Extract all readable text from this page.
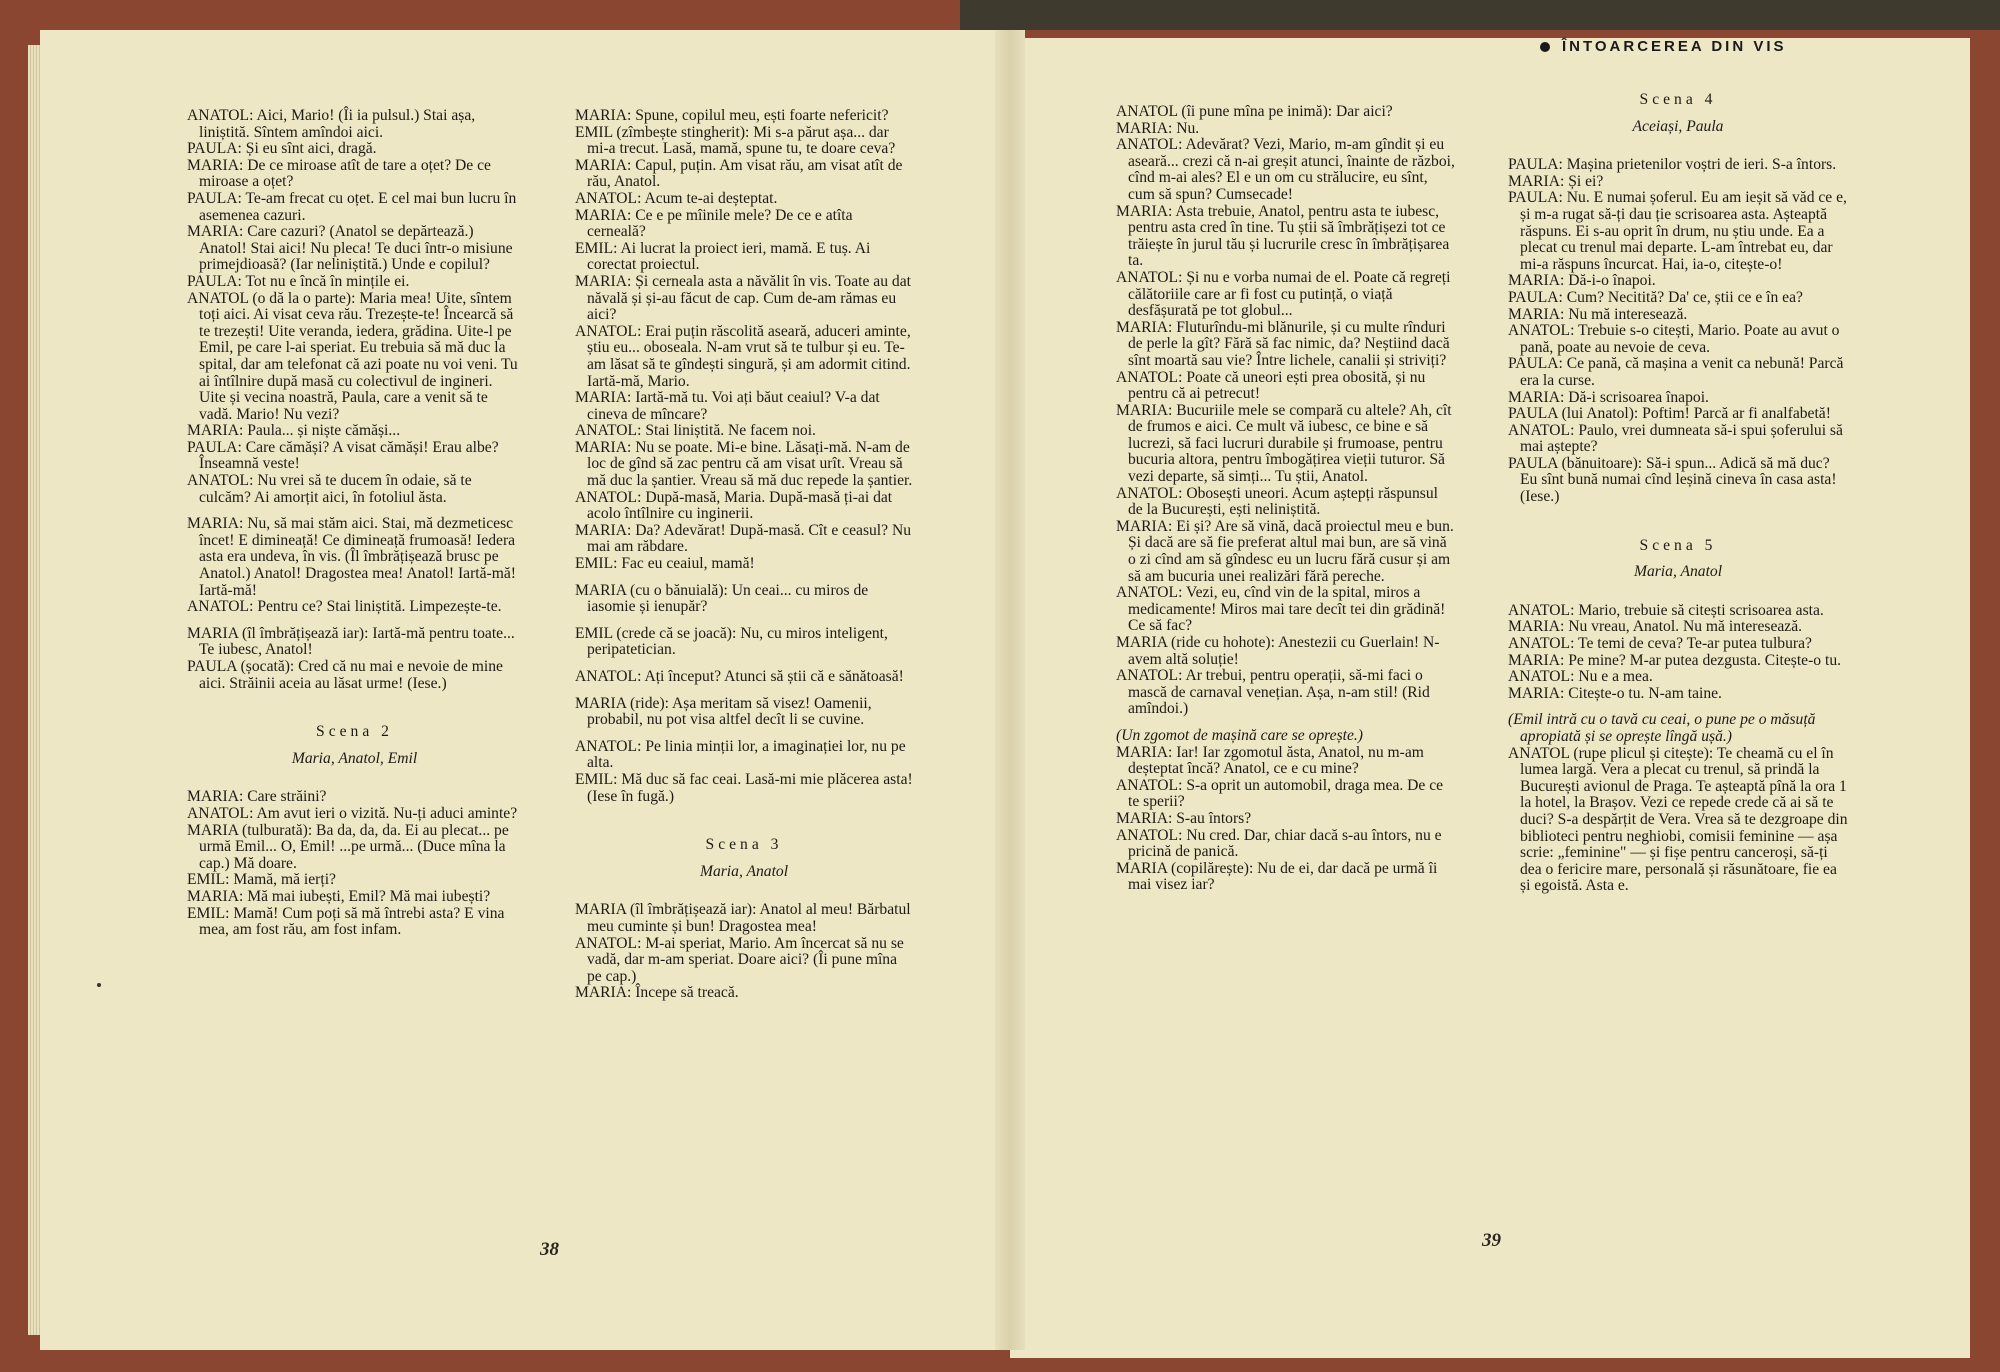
ÎNTOARCEREA DIN VIS

ANATOL: Aici, Mario! (Îi ia pulsul.) Stai așa, liniștită. Sîntem amîndoi aici.

PAULA: Și eu sînt aici, dragă.

MARIA: De ce miroase atît de tare a oțet? De ce miroase a oțet?

PAULA: Te-am frecat cu oțet. E cel mai bun lucru în asemenea cazuri.

MARIA: Care cazuri? (Anatol se depărtează.) Anatol! Stai aici! Nu pleca! Te duci într-o misiune primejdioasă? (Iar neliniștită.) Unde e copilul?

PAULA: Tot nu e încă în mințile ei.

ANATOL (o dă la o parte): Maria mea! Uite, sîntem toți aici. Ai visat ceva rău. Trezește-te! Încearcă să te trezești! Uite veranda, iedera, grădina. Uite-l pe Emil, pe care l-ai speriat. Eu trebuia să mă duc la spital, dar am telefonat că azi poate nu voi veni. Tu ai întîlnire după masă cu colectivul de ingineri. Uite și vecina noastră, Paula, care a venit să te vadă. Mario! Nu vezi?

MARIA: Paula... și niște cămăși...

PAULA: Care cămăși? A visat cămăși! Erau albe? Înseamnă veste!

ANATOL: Nu vrei să te ducem în odaie, să te culcăm? Ai amorțit aici, în fotoliul ăsta.

MARIA: Nu, să mai stăm aici. Stai, mă dezmeticesc încet! E dimineață! Ce dimineață frumoasă! Iedera asta era undeva, în vis. (Îl îmbrățișează brusc pe Anatol.) Anatol! Dragostea mea! Anatol! Iartă-mă! Iartă-mă!

ANATOL: Pentru ce? Stai liniștită. Limpezește-te.

MARIA (îl îmbrățișează iar): Iartă-mă pentru toate... Te iubesc, Anatol!

PAULA (șocată): Cred că nu mai e nevoie de mine aici. Străinii aceia au lăsat urme! (Iese.)

Scena 2

Maria, Anatol, Emil

MARIA: Care străini?

ANATOL: Am avut ieri o vizită. Nu-ți aduci aminte?

MARIA (tulburată): Ba da, da, da. Ei au plecat... pe urmă Emil... O, Emil! ...pe urmă... (Duce mîna la cap.) Mă doare.

EMIL: Mamă, mă ierți?

MARIA: Mă mai iubești, Emil? Mă mai iubești?

EMIL: Mamă! Cum poți să mă întrebi asta? E vina mea, am fost rău, am fost infam.

MARIA: Spune, copilul meu, ești foarte nefericit?

EMIL (zîmbește stingherit): Mi s-a părut așa... dar mi-a trecut. Lasă, mamă, spune tu, te doare ceva?

MARIA: Capul, puțin. Am visat rău, am visat atît de rău, Anatol.

ANATOL: Acum te-ai deșteptat.

MARIA: Ce e pe mîinile mele? De ce e atîta cerneală?

EMIL: Ai lucrat la proiect ieri, mamă. E tuș. Ai corectat proiectul.

MARIA: Și cerneala asta a năvălit în vis. Toate au dat năvală și și-au făcut de cap. Cum de-am rămas eu aici?

ANATOL: Erai puțin răscolită aseară, aduceri aminte, știu eu... oboseala. N-am vrut să te tulbur și eu. Te-am lăsat să te gîndești singură, și am adormit citind. Iartă-mă, Mario.

MARIA: Iartă-mă tu. Voi ați băut ceaiul? V-a dat cineva de mîncare?

ANATOL: Stai liniștită. Ne facem noi.

MARIA: Nu se poate. Mi-e bine. Lăsați-mă. N-am de loc de gînd să zac pentru că am visat urît. Vreau să mă duc la șantier. Vreau să mă duc repede la șantier.

ANATOL: După-masă, Maria. După-masă ți-ai dat acolo întîlnire cu inginerii.

MARIA: Da? Adevărat! După-masă. Cît e ceasul? Nu mai am răbdare.

EMIL: Fac eu ceaiul, mamă!

MARIA (cu o bănuială): Un ceai... cu miros de iasomie și ienupăr?

EMIL (crede că se joacă): Nu, cu miros inteligent, peripatetician.

ANATOL: Ați început? Atunci să știi că e sănătoasă!

MARIA (ride): Așa meritam să visez! Oamenii, probabil, nu pot visa altfel decît li se cuvine.

ANATOL: Pe linia minții lor, a imaginației lor, nu pe alta.

EMIL: Mă duc să fac ceai. Lasă-mi mie plăcerea asta! (Iese în fugă.)

Scena 3

Maria, Anatol

MARIA (îl îmbrățișează iar): Anatol al meu! Bărbatul meu cuminte și bun! Dragostea mea!

ANATOL: M-ai speriat, Mario. Am încercat să nu se vadă, dar m-am speriat. Doare aici? (Îi pune mîna pe cap.)

MARIA: Începe să treacă.

ANATOL (îi pune mîna pe inimă): Dar aici?

MARIA: Nu.

ANATOL: Adevărat? Vezi, Mario, m-am gîndit și eu aseară... crezi că n-ai greșit atunci, înainte de război, cînd m-ai ales? El e un om cu strălucire, eu sînt, cum să spun? Cumsecade!

MARIA: Asta trebuie, Anatol, pentru asta te iubesc, pentru asta cred în tine. Tu știi să îmbrățișezi tot ce trăiește în jurul tău și lucrurile cresc în îmbrățișarea ta.

ANATOL: Și nu e vorba numai de el. Poate că regreți călătoriile care ar fi fost cu putință, o viață desfășurată pe tot globul...

MARIA: Fluturîndu-mi blănurile, și cu multe rînduri de perle la gît? Fără să fac nimic, da? Neștiind dacă sînt moartă sau vie? Între lichele, canalii și striviți?

ANATOL: Poate că uneori ești prea obosită, și nu pentru că ai petrecut!

MARIA: Bucuriile mele se compară cu altele? Ah, cît de frumos e aici. Ce mult vă iubesc, ce bine e să lucrezi, să faci lucruri durabile și frumoase, pentru bucuria altora, pentru îmbogățirea vieții tuturor. Să vezi departe, să simți... Tu știi, Anatol.

ANATOL: Obosești uneori. Acum aștepți răspunsul de la București, ești neliniștită.

MARIA: Ei și? Are să vină, dacă proiectul meu e bun. Și dacă are să fie preferat altul mai bun, are să vină o zi cînd am să gîndesc eu un lucru fără cusur și am să am bucuria unei realizări fără pereche.

ANATOL: Vezi, eu, cînd vin de la spital, miros a medicamente! Miros mai tare decît tei din grădină! Ce să fac?

MARIA (ride cu hohote): Anestezii cu Guerlain! N-avem altă soluție!

ANATOL: Ar trebui, pentru operații, să-mi faci o mască de carnaval venețian. Așa, n-am stil! (Rid amîndoi.)

(Un zgomot de mașină care se oprește.)

MARIA: Iar! Iar zgomotul ăsta, Anatol, nu m-am deșteptat încă? Anatol, ce e cu mine?

ANATOL: S-a oprit un automobil, draga mea. De ce te sperii?

MARIA: S-au întors?

ANATOL: Nu cred. Dar, chiar dacă s-au întors, nu e pricină de panică.

MARIA (copilărește): Nu de ei, dar dacă pe urmă îi mai visez iar?

Scena 4

Aceiași, Paula

PAULA: Mașina prietenilor voștri de ieri. S-a întors.

MARIA: Și ei?

PAULA: Nu. E numai șoferul. Eu am ieșit să văd ce e, și m-a rugat să-ți dau ție scrisoarea asta. Așteaptă răspuns. Ei s-au oprit în drum, nu știu unde. Ea a plecat cu trenul mai departe. L-am întrebat eu, dar mi-a răspuns încurcat. Hai, ia-o, citește-o!

MARIA: Dă-i-o înapoi.

PAULA: Cum? Necitită? Da' ce, știi ce e în ea?

MARIA: Nu mă interesează.

ANATOL: Trebuie s-o citești, Mario. Poate au avut o pană, poate au nevoie de ceva.

PAULA: Ce pană, că mașina a venit ca nebună! Parcă era la curse.

MARIA: Dă-i scrisoarea înapoi.

PAULA (lui Anatol): Poftim! Parcă ar fi analfabetă!

ANATOL: Paulo, vrei dumneata să-i spui șoferului să mai aștepte?

PAULA (bănuitoare): Să-i spun... Adică să mă duc? Eu sînt bună numai cînd leșină cineva în casa asta! (Iese.)

Scena 5

Maria, Anatol

ANATOL: Mario, trebuie să citești scrisoarea asta.

MARIA: Nu vreau, Anatol. Nu mă interesează.

ANATOL: Te temi de ceva? Te-ar putea tulbura?

MARIA: Pe mine? M-ar putea dezgusta. Citește-o tu.

ANATOL: Nu e a mea.

MARIA: Citește-o tu. N-am taine.

(Emil intră cu o tavă cu ceai, o pune pe o măsuță apropiată și se oprește lîngă ușă.)

ANATOL (rupe plicul și citește): Te cheamă cu el în lumea largă. Vera a plecat cu trenul, să prindă la București avionul de Praga. Te așteaptă pînă la ora 1 la hotel, la Brașov. Vezi ce repede crede că ai să te duci? S-a despărțit de Vera. Vrea să te dezgroape din biblioteci pentru neghiobi, comisii feminine — așa scrie: „feminine" — și fișe pentru canceroși, să-ți dea o fericire mare, personală și răsunătoare, fie ea și egoistă. Asta e.

38	39
